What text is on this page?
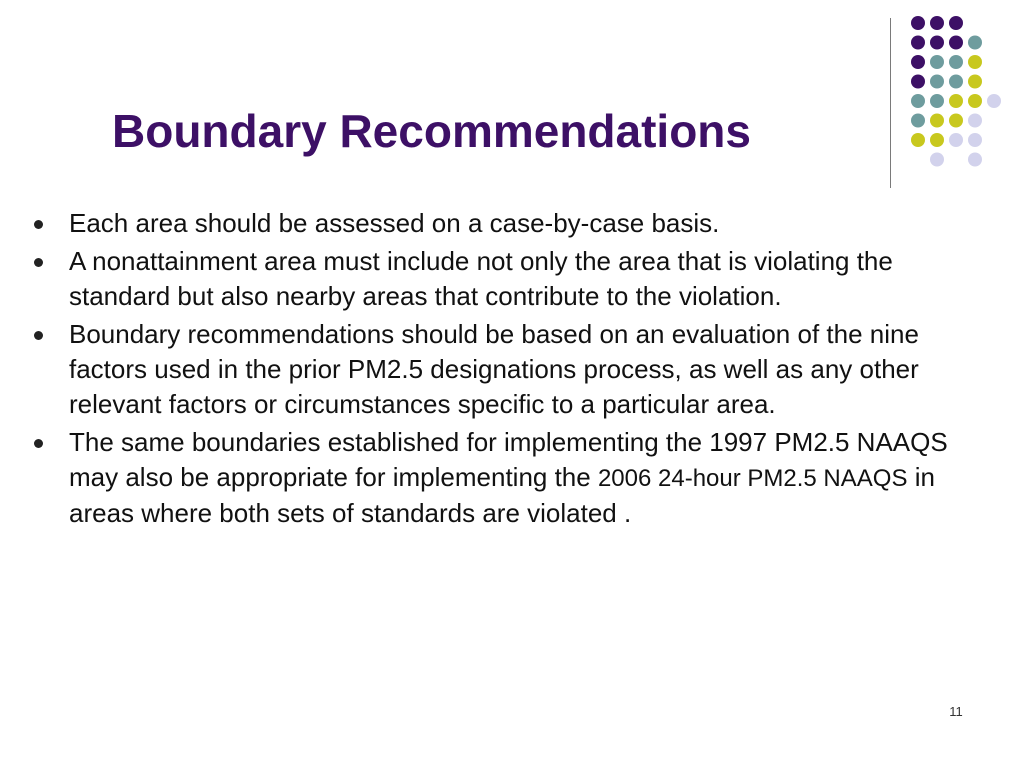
Boundary Recommendations
Each area should be assessed on a case-by-case basis.
A nonattainment area must include not only the area that is violating the standard but also nearby areas that contribute to the violation.
Boundary recommendations should be based on an evaluation of the nine factors used in the prior PM2.5 designations process, as well as any other relevant factors or circumstances specific to a particular area.
The same boundaries established for implementing the 1997 PM2.5 NAAQS may also be appropriate for implementing the 2006 24-hour PM2.5 NAAQS in areas where both sets of standards are violated .
11
